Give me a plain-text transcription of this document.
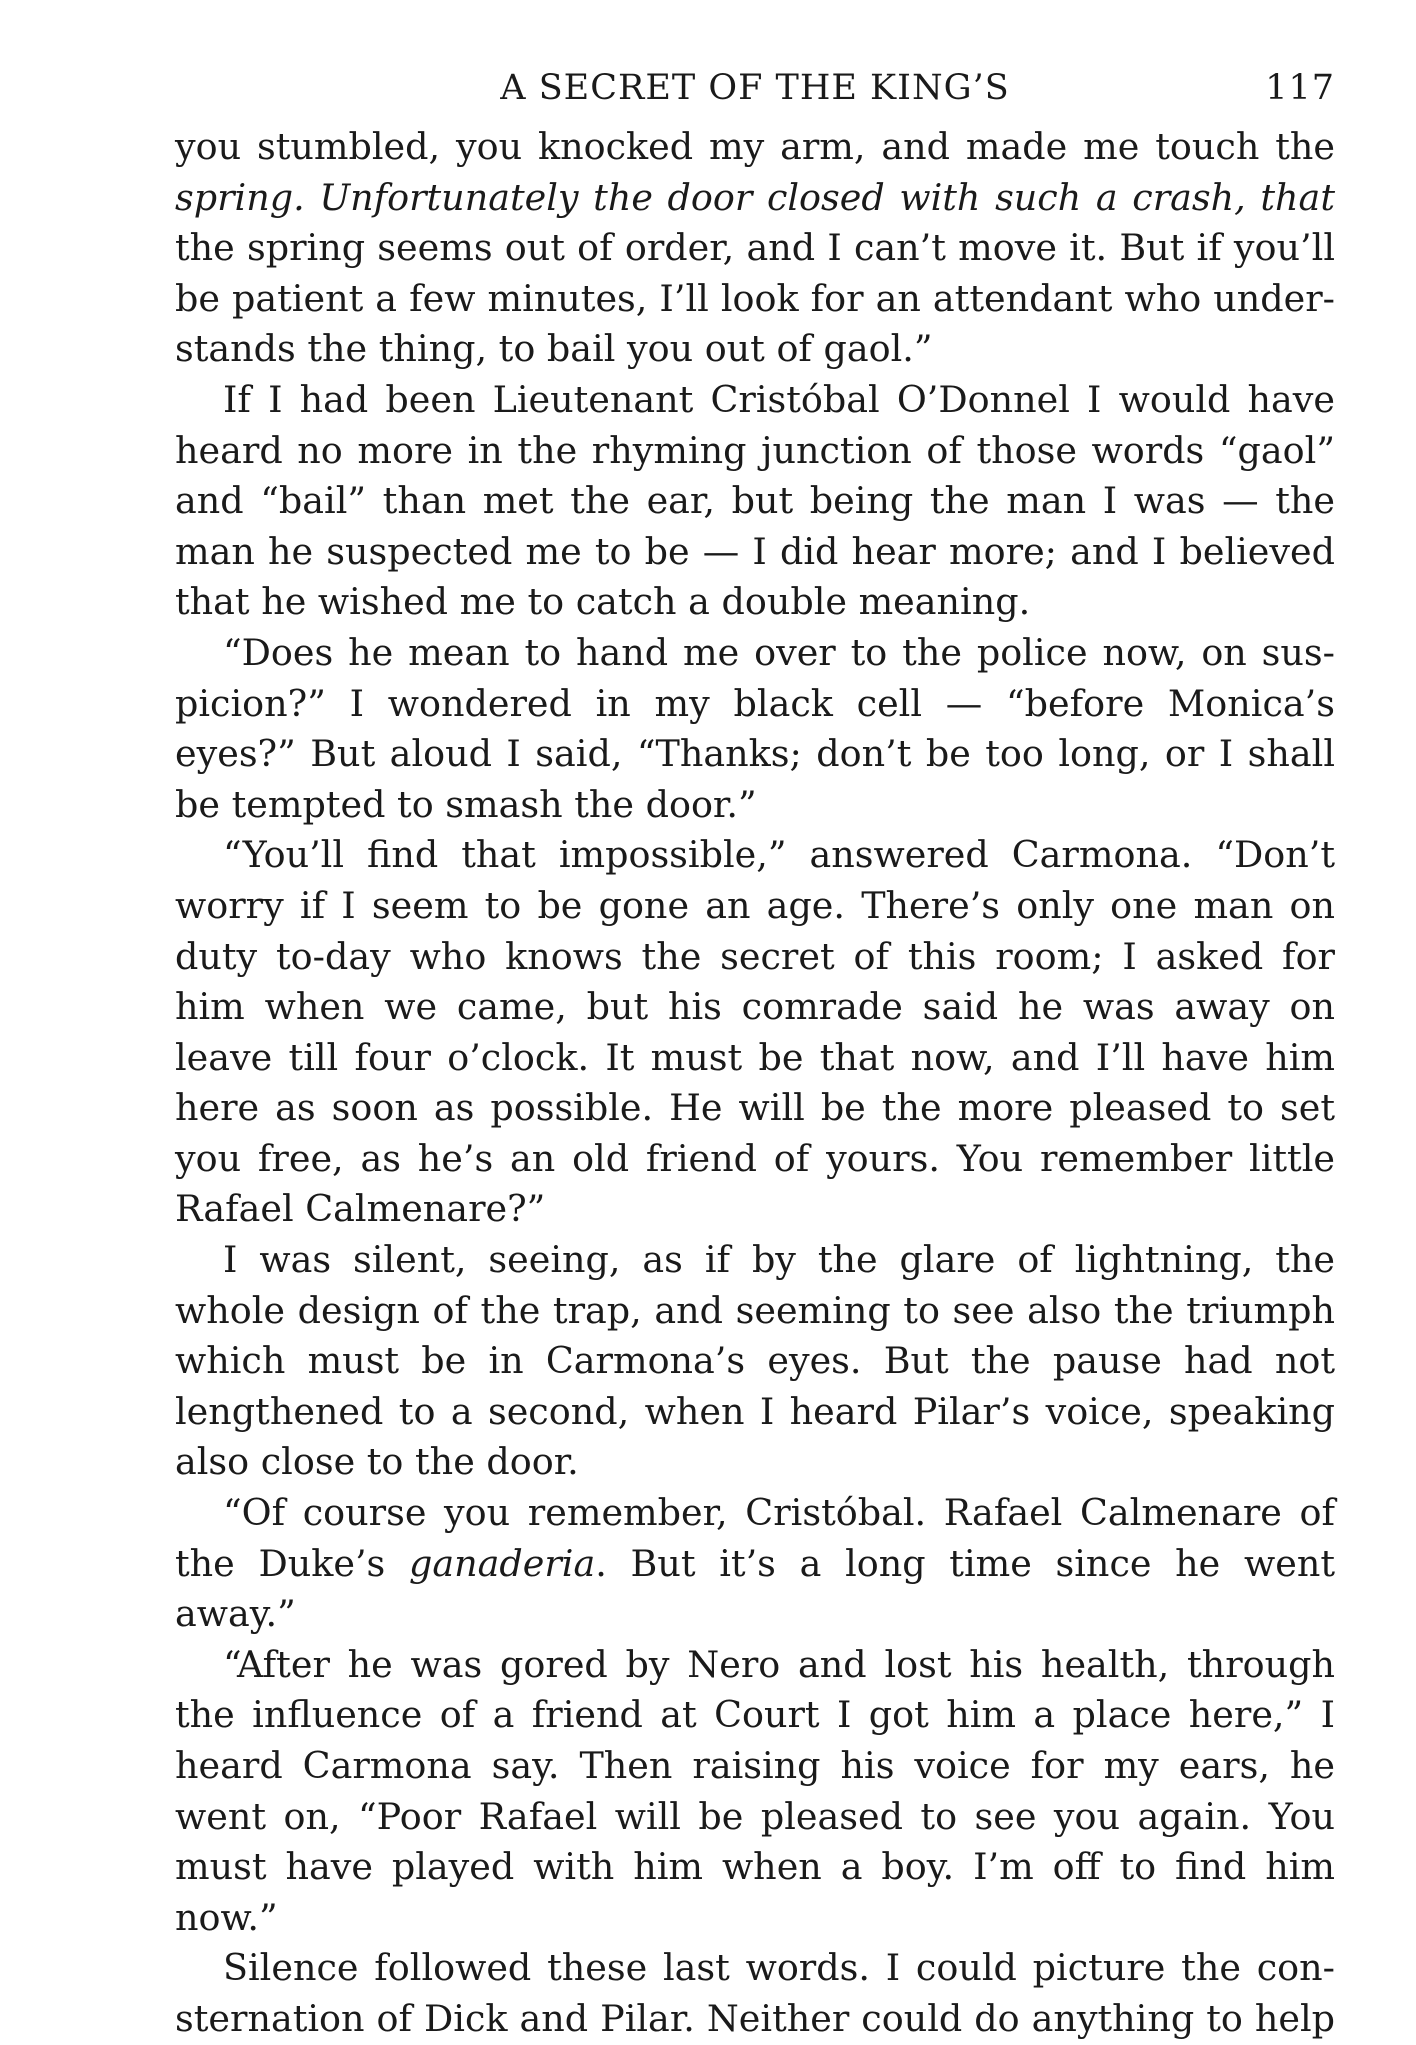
A SECRET OF THE KING’S	117

you stumbled, you knocked my arm, and made me touch the spring. Unfortunately the door closed with such a crash, that the spring seems out of order, and I can’t move it. But if you’ll be patient a few minutes, I’ll look for an attendant who under-stands the thing, to bail you out of gaol.”

If I had been Lieutenant Cristóbal O’Donnel I would have heard no more in the rhyming junction of those words “gaol” and “bail” than met the ear, but being the man I was — the man he suspected me to be — I did hear more; and I believed that he wished me to catch a double meaning.

“Does he mean to hand me over to the police now, on sus-picion?” I wondered in my black cell — “before Monica’s eyes?” But aloud I said, “Thanks; don’t be too long, or I shall be tempted to smash the door.”

“You’ll find that impossible,” answered Carmona. “Don’t worry if I seem to be gone an age. There’s only one man on duty to-day who knows the secret of this room; I asked for him when we came, but his comrade said he was away on leave till four o’clock. It must be that now, and I’ll have him here as soon as possible. He will be the more pleased to set you free, as he’s an old friend of yours. You remember little Rafael Calmenare?”

I was silent, seeing, as if by the glare of lightning, the whole design of the trap, and seeming to see also the triumph which must be in Carmona’s eyes. But the pause had not lengthened to a second, when I heard Pilar’s voice, speaking also close to the door.

“Of course you remember, Cristóbal. Rafael Calmenare of the Duke’s ganaderia. But it’s a long time since he went away.”

“After he was gored by Nero and lost his health, through the influence of a friend at Court I got him a place here,” I heard Carmona say. Then raising his voice for my ears, he went on, “Poor Rafael will be pleased to see you again. You must have played with him when a boy. I’m off to find him now.”

Silence followed these last words. I could picture the con-sternation of Dick and Pilar. Neither could do anything to help
